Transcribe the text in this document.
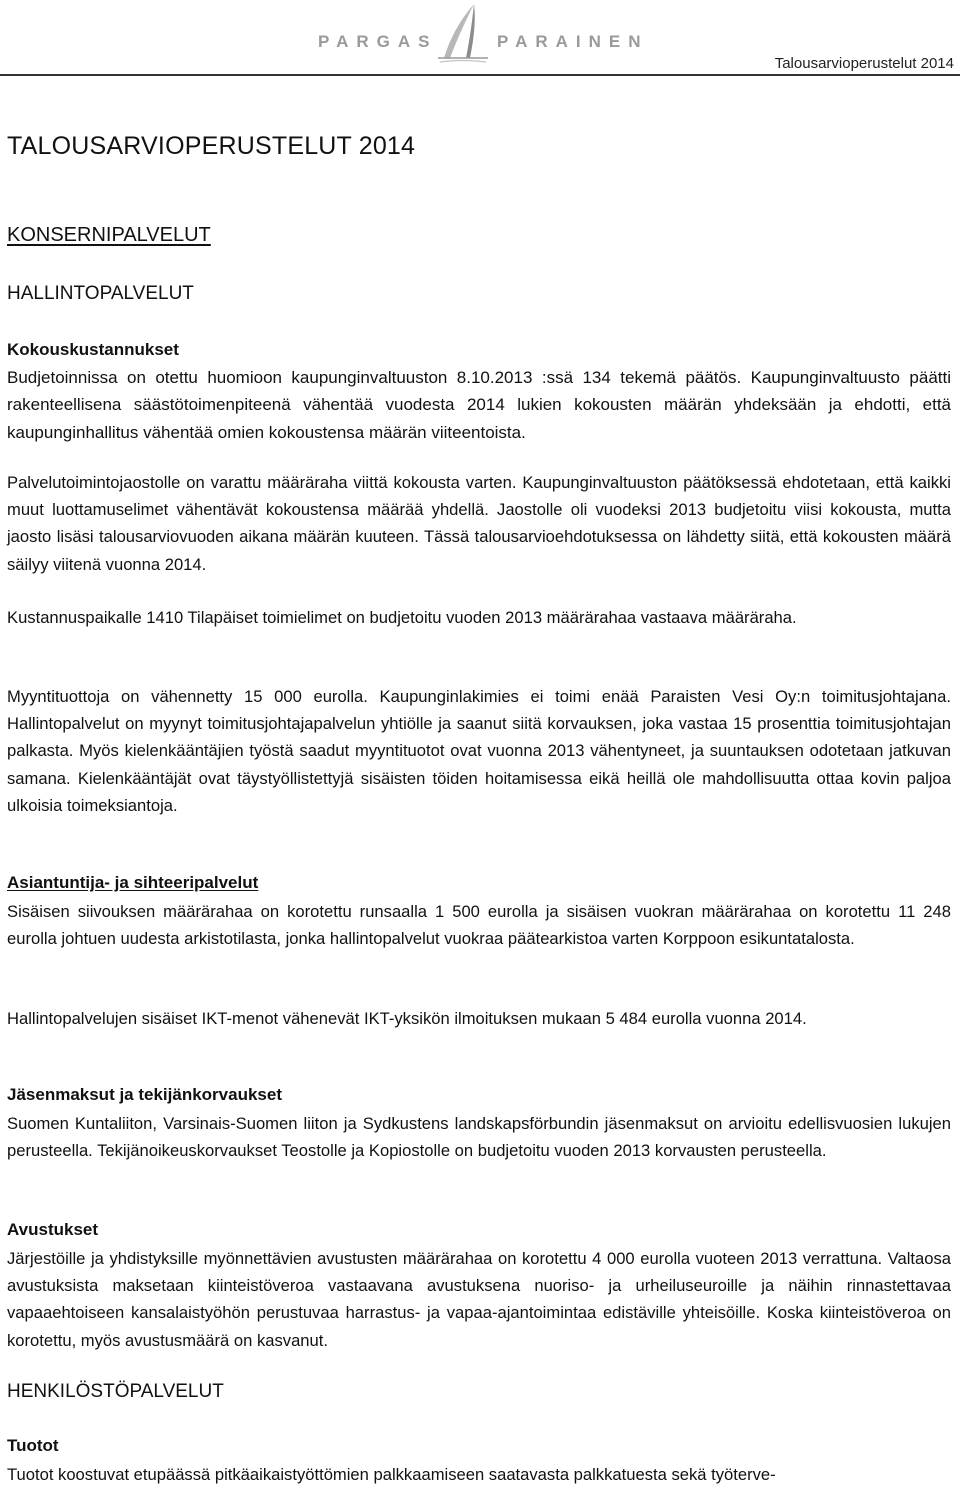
PARGAS	PARAINEN
Talousarvioperustelut 2014
TALOUSARVIOPERUSTELUT 2014
KONSERNIPALVELUT
HALLINTOPALVELUT
Kokouskustannukset
Budjetoinnissa on otettu huomioon kaupunginvaltuuston 8.10.2013 :ssä 134 tekemä päätös. Kaupunginvaltuusto päätti rakenteellisena säästötoimenpiteenä vähentää vuodesta 2014 lukien kokousten määrän yhdeksään ja ehdotti, että kaupunginhallitus vähentää omien kokoustensa määrän viiteentoista.
Palvelutoimintojaostolle on varattu määräraha viittä kokousta varten. Kaupunginvaltuuston päätöksessä ehdotetaan, että kaikki muut luottamuselimet vähentävät kokoustensa määrää yhdellä. Jaostolle oli vuodeksi 2013 budjetoitu viisi kokousta, mutta jaosto lisäsi talousarviovuoden aikana määrän kuuteen. Tässä talousarvioehdotuksessa on lähdetty siitä, että kokousten määrä säilyy viitenä vuonna 2014.
Kustannuspaikalle 1410 Tilapäiset toimielimet on budjetoitu vuoden 2013 määrärahaa vastaava määräraha.
Myyntituottoja on vähennetty 15 000 eurolla. Kaupunginlakimies ei toimi enää Paraisten Vesi Oy:n toimitusjohtajana. Hallintopalvelut on myynyt toimitusjohtajapalvelun yhtiölle ja saanut siitä korvauksen, joka vastaa 15 prosenttia toimitusjohtajan palkasta. Myös kielenkääntäjien työstä saadut myyntituotot ovat vuonna 2013 vähentyneet, ja suuntauksen odotetaan jatkuvan samana. Kielenkääntäjät ovat täystyöllistettyjä sisäisten töiden hoitamisessa eikä heillä ole mahdollisuutta ottaa kovin paljoa ulkoisia toimeksiantoja.
Asiantuntija- ja sihteeripalvelut
Sisäisen siivouksen määrärahaa on korotettu runsaalla 1 500 eurolla ja sisäisen vuokran määrärahaa on korotettu 11 248 eurolla johtuen uudesta arkistotilasta, jonka hallintopalvelut vuokraa päätearkistoa varten Korppoon esikuntatalosta.
Hallintopalvelujen sisäiset IKT-menot vähenevät IKT-yksikön ilmoituksen mukaan 5 484 eurolla vuonna 2014.
Jäsenmaksut ja tekijänkorvaukset
Suomen Kuntaliiton, Varsinais-Suomen liiton ja Sydkustens landskapsförbundin jäsenmaksut on arvioitu edellisvuosien lukujen perusteella. Tekijänoikeuskorvaukset Teostolle ja Kopiostolle on budjetoitu vuoden 2013 korvausten perusteella.
Avustukset
Järjestöille ja yhdistyksille myönnettävien avustusten määrärahaa on korotettu 4 000 eurolla vuoteen 2013 verrattuna. Valtaosa avustuksista maksetaan kiinteistöveroa vastaavana avustuksena nuoriso- ja urheiluseuroille ja näihin rinnastettavaa vapaaehtoiseen kansalaistyöhön perustuvaa harrastus- ja vapaa-ajantoimintaa edistäville yhteisöille. Koska kiinteistöveroa on korotettu, myös avustusmäärä on kasvanut.
HENKILÖSTÖPALVELUT
Tuotot
Tuotot koostuvat etupäässä pitkäaikaistyöttömien palkkaamiseen saatavasta palkkatuesta sekä työterve-
